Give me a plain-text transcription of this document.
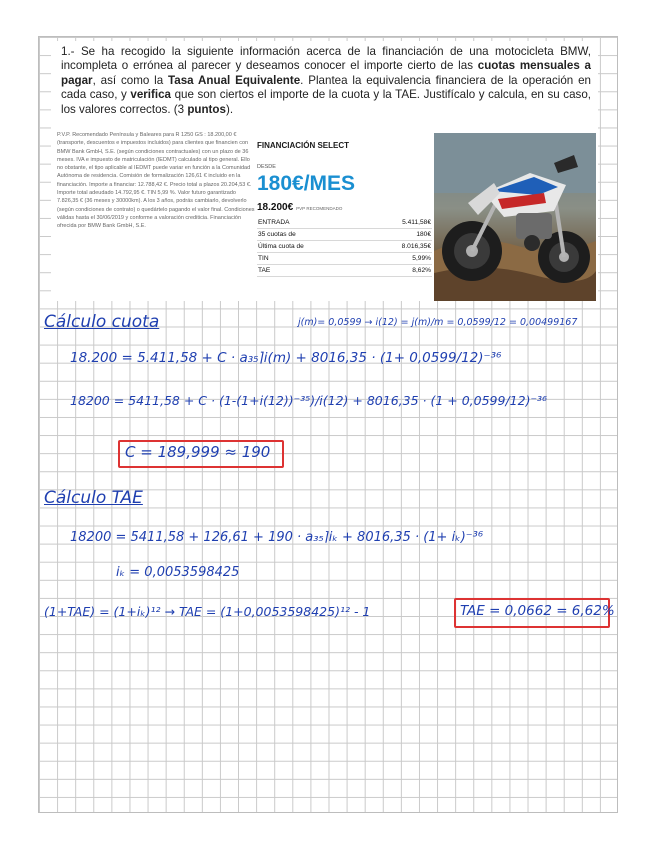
1.- Se ha recogido la siguiente información acerca de la financiación de una motocicleta BMW, incompleta o errónea al parecer y deseamos conocer el importe cierto de las cuotas mensuales a pagar, así como la Tasa Anual Equivalente. Plantea la equivalencia financiera de la operación en cada caso, y verifica que son ciertos el importe de la cuota y la TAE. Justifícalo y calcula, en su caso, los valores correctos. (3 puntos).
P.V.P. Recomendado Península y Baleares para R 1250 GS : 18.200,00 € (transporte, descuentos e impuestos incluidos) para clientes que financien con BMW Bank GmbH, S.E. (según condiciones contractuales) con un plazo de 36 meses. IVA e impuesto de matriculación (IEDMT) calculado al tipo general. Ello no obstante, el tipo aplicable al IEDMT puede variar en función a la Comunidad Autónoma de residencia. Comisión de formalización 126,61 € incluido en la financiación. Importe a financiar: 12.788,42 €. Precio total a plazos 20.204,53 €. Importe total adeudado 14.792,95 €. TIN 5,99 %. Valor futuro garantizado 7.826,35 € (36 meses y 30000km). A los 3 años, podrás cambiarlo, devolverlo (según condiciones de contrato) o quedártelo pagando el valor final. Condiciones válidas hasta el 30/06/2019 y conforme a valoración crediticia. Financiación ofrecida por BMW Bank GmbH, S.E.
FINANCIACIÓN SELECT
DESDE
180€/MES
18.200€ PVP RECOMENDADO
ENTRADA	5.411,58€
35 cuotas de	180€
Última cuota de	8.016,35€
TIN	5,99%
TAE	8,62%
Cálculo cuota	j(m)= 0,0599 → i(12) = j(m)/m = 0,0599/12 = 0,00499167
18.200 = 5.411,58 + C · a₃₅⌉i(m) + 8016,35 · (1+ 0,0599/12)⁻³⁶
18200 = 5411,58 + C · (1-(1+i(12))⁻³⁵)/i(12) + 8016,35 · (1 + 0,0599/12)⁻³⁶
C = 189,999 ≈ 190
Cálculo TAE
18200 = 5411,58 + 126,61 + 190 · a₃₅⌉iₖ + 8016,35 · (1+ iₖ)⁻³⁶
iₖ = 0,0053598425
(1+TAE) = (1+iₖ)¹² → TAE = (1+0,0053598425)¹² - 1	TAE = 0,0662 = 6,62%
